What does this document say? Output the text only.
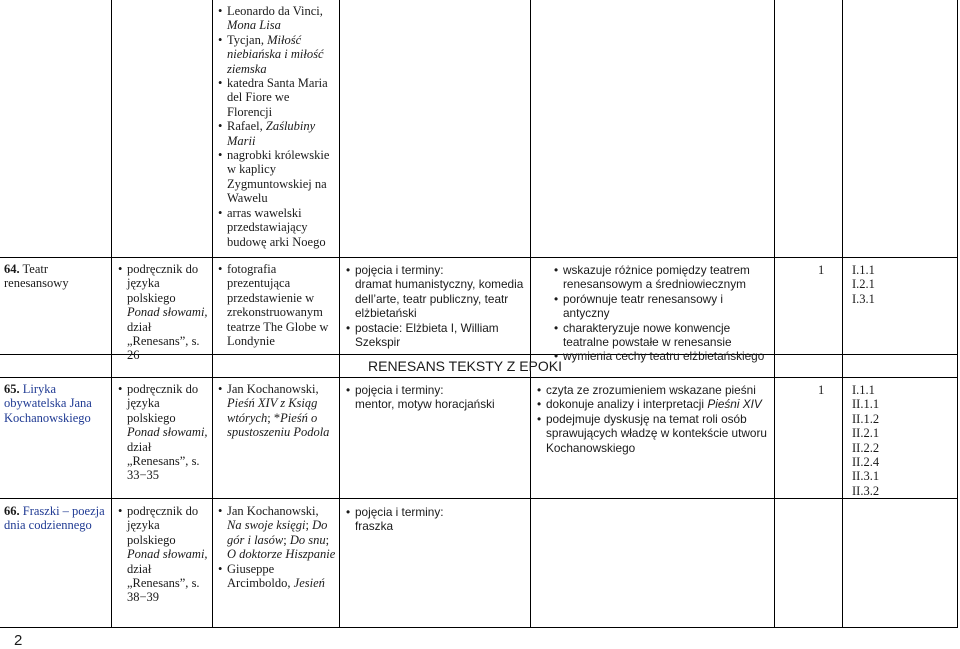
• Leonardo da Vinci, Mona Lisa
• Tycjan, Miłość niebiańska i miłość ziemska
• katedra Santa Maria del Fiore we Florencji
• Rafael, Zaślubiny Marii
• nagrobki królewskie w kaplicy Zygmuntowskiej na Wawelu
• arras wawelski przedstawiający budowę arki Noego
64. Teatr renesansowy
• podręcznik do języka polskiego Ponad słowami, dział „Renesans”, s. 26
• fotografia prezentująca przedstawienie w zrekonstruowanym teatrze The Globe w Londynie
• pojęcia i terminy:
dramat humanistyczny, komedia dell’arte, teatr publiczny, teatr elżbietański
• postacie: Elżbieta I, William Szekspir
• wskazuje różnice pomiędzy teatrem renesansowym a średniowiecznym
• porównuje teatr renesansowy i antyczny
• charakteryzuje nowe konwencje teatralne powstałe w renesansie
• wymienia cechy teatru elżbietańskiego
1 I.1.1
I.2.1
I.3.1
RENESANS TEKSTY Z EPOKI
65. Liryka obywatelska Jana Kochanowskiego
• podręcznik do języka polskiego Ponad słowami, dział „Renesans”, s. 33−35
• Jan Kochanowski, Pieśń XIV z Ksiąg wtórych; *Pieśń o spustoszeniu Podola
• pojęcia i terminy:
mentor, motyw horacjański
• czyta ze zrozumieniem wskazane pieśni
• dokonuje analizy i interpretacji Pieśni XIV
• podejmuje dyskusję na temat roli osób sprawujących władzę w kontekście utworu Kochanowskiego
1 I.1.1
II.1.1
II.1.2
II.2.1
II.2.2
II.2.4
II.3.1
II.3.2
66. Fraszki – poezja dnia codziennego
• podręcznik do języka polskiego Ponad słowami, dział „Renesans”, s. 38−39
• Jan Kochanowski, Na swoje księgi; Do gór i lasów; Do snu; O doktorze Hiszpanie
• Giuseppe Arcimboldo, Jesień
• pojęcia i terminy:
fraszka
2
